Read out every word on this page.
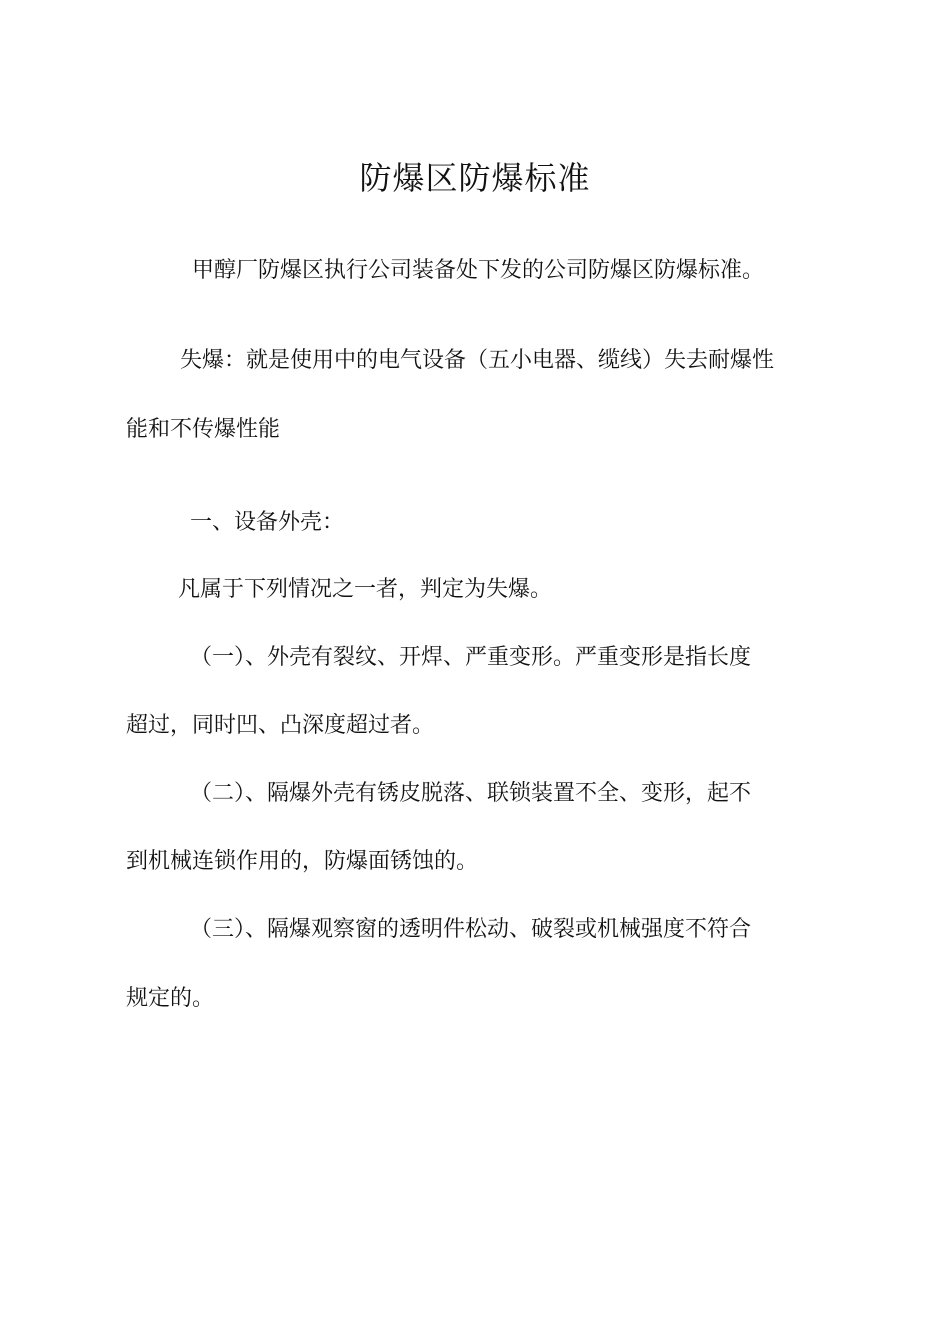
防爆区防爆标准
甲醇厂防爆区执行公司装备处下发的公司防爆区防爆标准。
失爆：就是使用中的电气设备（五小电器、缆线）失去耐爆性
能和不传爆性能
一、设备外壳：
凡属于下列情况之一者，判定为失爆。
（一）、外壳有裂纹、开焊、严重变形。严重变形是指长度
超过，同时凹、凸深度超过者。
（二）、隔爆外壳有锈皮脱落、联锁装置不全、变形，起不
到机械连锁作用的，防爆面锈蚀的。
（三）、隔爆观察窗的透明件松动、破裂或机械强度不符合
规定的。
